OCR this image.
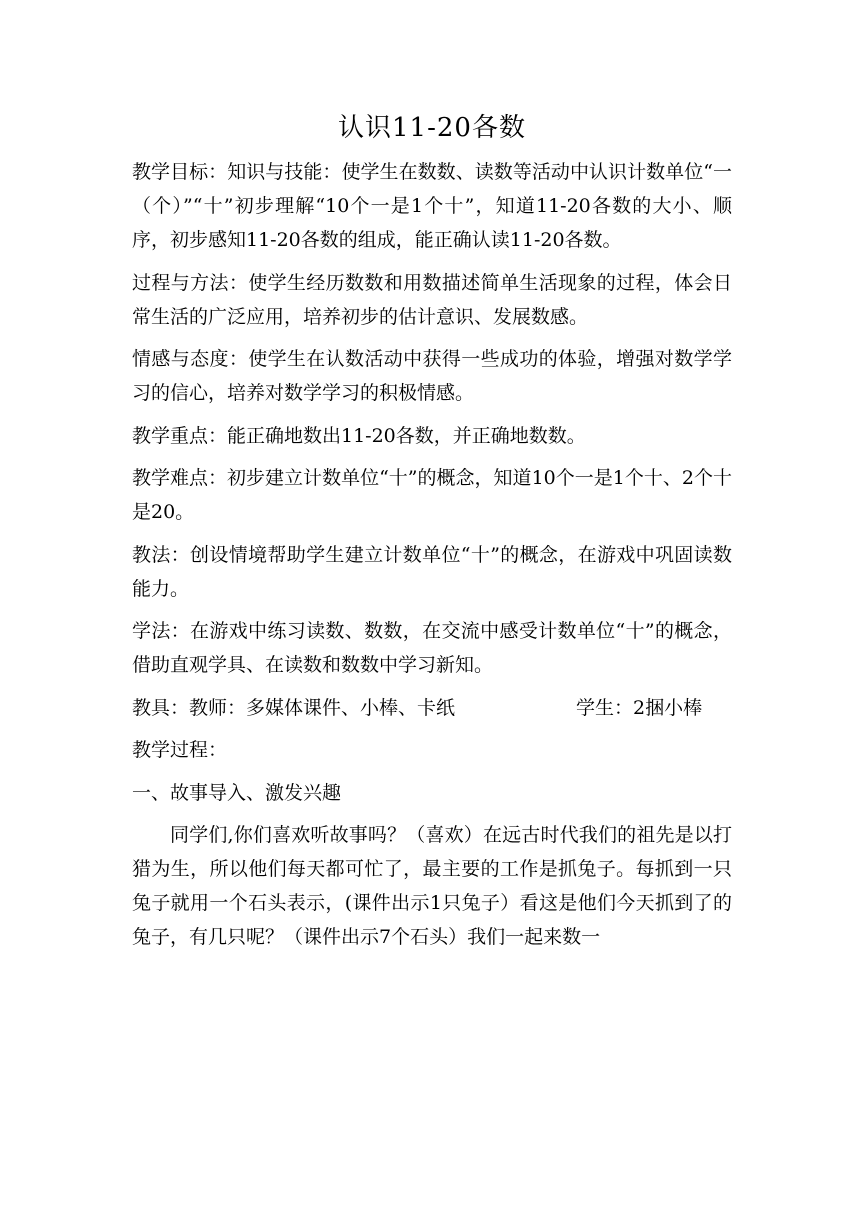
认识11-20各数

教学目标：知识与技能：使学生在数数、读数等活动中认识计数单位“一（个）”“十”初步理解“10个一是1个十”，知道11-20各数的大小、顺序，初步感知11-20各数的组成，能正确认读11-20各数。

过程与方法：使学生经历数数和用数描述简单生活现象的过程，体会日常生活的广泛应用，培养初步的估计意识、发展数感。

情感与态度：使学生在认数活动中获得一些成功的体验，增强对数学学习的信心，培养对数学学习的积极情感。

教学重点：能正确地数出11-20各数，并正确地数数。

教学难点：初步建立计数单位“十”的概念，知道10个一是1个十、2个十是20。

教法：创设情境帮助学生建立计数单位“十”的概念，在游戏中巩固读数能力。

学法：在游戏中练习读数、数数，在交流中感受计数单位“十”的概念，借助直观学具、在读数和数数中学习新知。

教具：教师：多媒体课件、小棒、卡纸	学生：2捆小棒

教学过程：

一、故事导入、激发兴趣

同学们,你们喜欢听故事吗？（喜欢）在远古时代我们的祖先是以打猎为生，所以他们每天都可忙了，最主要的工作是抓兔子。每抓到一只兔子就用一个石头表示，(课件出示1只兔子）看这是他们今天抓到了的兔子，有几只呢？（课件出示7个石头）我们一起来数一
